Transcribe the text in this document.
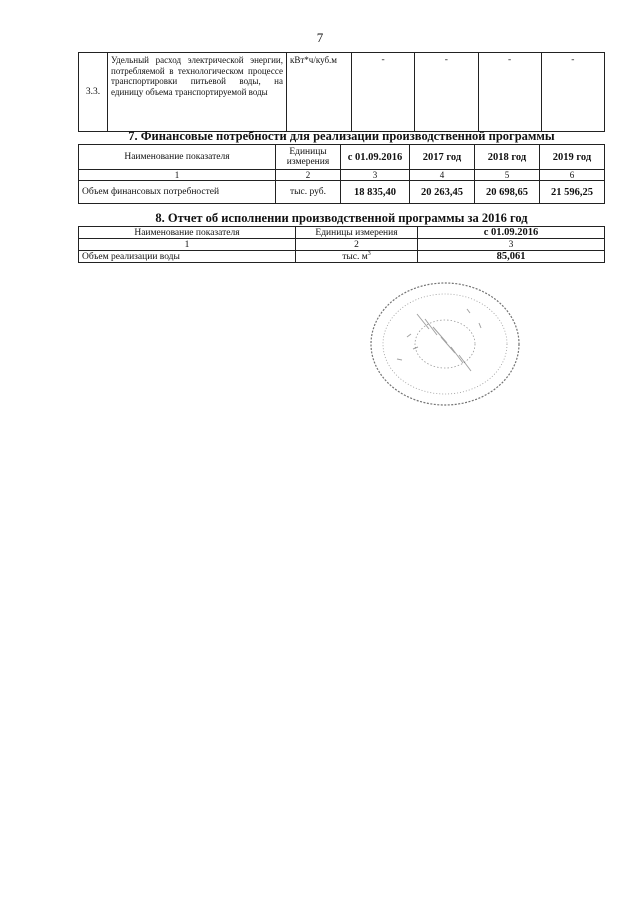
7
3.3.	Удельный расход электрической энергии, потребляемой в технологическом процессе транспортировки питьевой воды, на единицу объема транспортируемой воды	кВт*ч/куб.м	-	-	-	-
7. Финансовые потребности для реализации производственной программы
Наименование показателя	Единицы измерения	с 01.09.2016	2017 год	2018 год	2019 год
1	2	3	4	5	6
Объем финансовых потребностей	тыс. руб.	18 835,40	20 263,45	20 698,65	21 596,25
8. Отчет об исполнении производственной программы за 2016 год
Наименование показателя	Единицы измерения	с 01.09.2016
1	2	3
Объем реализации воды	тыс. $м^3$	85,061
